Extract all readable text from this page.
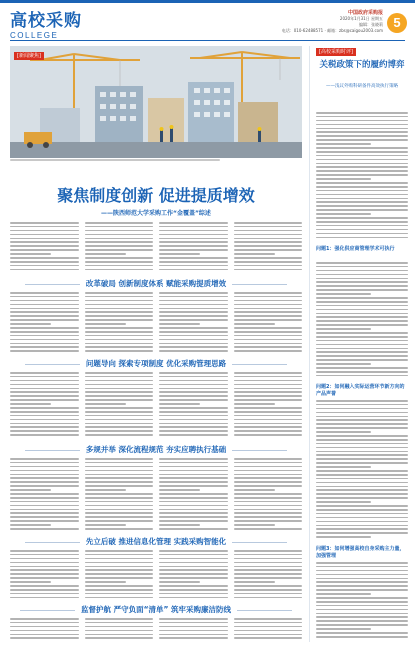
高校采购
COLLEGE
中国政府采购报
2020年1月31日 星期五
编辑：张晓莉
电话：010-62488571 · 邮箱：zbs@caigou2003.com
5
[新闻聚焦]
聚焦制度创新 促进提质增效
——陕西师范大学采购工作“金覆盖”综述
改革破局 创新制度体系 赋能采购提质增效
问题导向 探索专项制度 优化采购管理思路
多规并举 深化流程规范 夯实应聘执行基础
先立后破 推进信息化管理 实践采购智能化
监督护航 严守负面“清单” 筑牢采购廉洁防线
[高校采购时评]
关税政策下的履约博弈
——浅议外购科研备件高效执行策略
问题1：强化供应商管理学术可执行
问题2：如何融入实际运营环节新方向的产品声誉
问题3：如何增强高校自身采购主力量，加强管理
